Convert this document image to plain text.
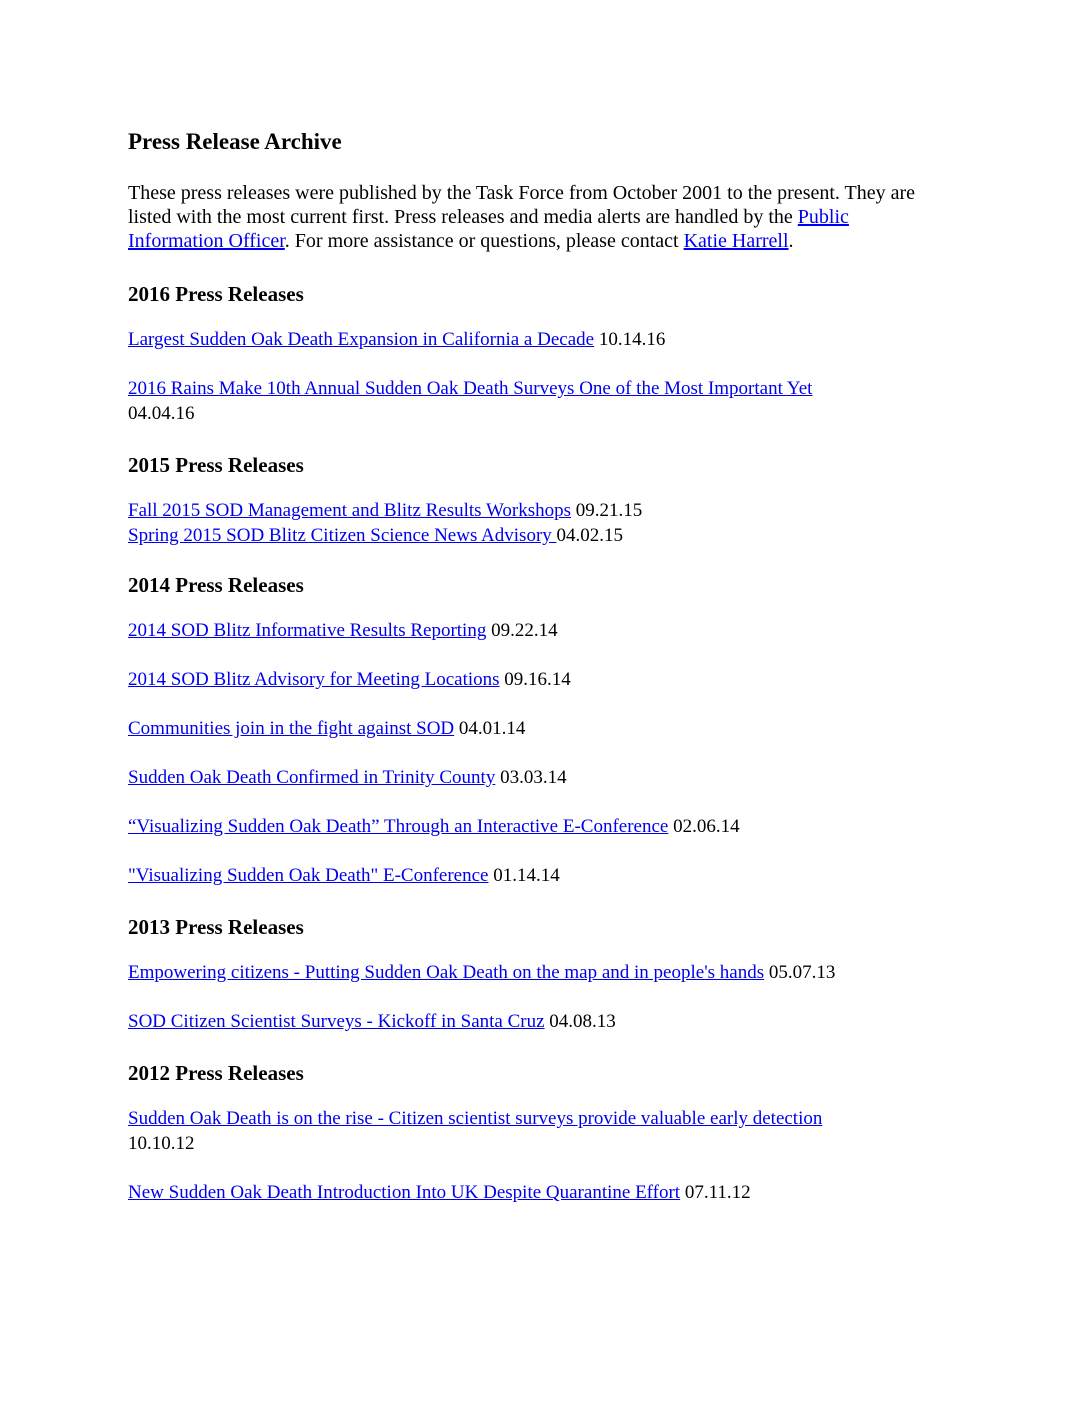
Press Release Archive

These press releases were published by the Task Force from October 2001 to the present. They are listed with the most current first. Press releases and media alerts are handled by the Public Information Officer. For more assistance or questions, please contact Katie Harrell.

2016 Press Releases

Largest Sudden Oak Death Expansion in California a Decade 10.14.16

2016 Rains Make 10th Annual Sudden Oak Death Surveys One of the Most Important Yet
04.04.16

2015 Press Releases

Fall 2015 SOD Management and Blitz Results Workshops 09.21.15

Spring 2015 SOD Blitz Citizen Science News Advisory 04.02.15

2014 Press Releases

2014 SOD Blitz Informative Results Reporting 09.22.14

2014 SOD Blitz Advisory for Meeting Locations 09.16.14

Communities join in the fight against SOD 04.01.14

Sudden Oak Death Confirmed in Trinity County 03.03.14

“Visualizing Sudden Oak Death” Through an Interactive E-Conference 02.06.14

"Visualizing Sudden Oak Death" E-Conference 01.14.14

2013 Press Releases

Empowering citizens - Putting Sudden Oak Death on the map and in people's hands 05.07.13

SOD Citizen Scientist Surveys - Kickoff in Santa Cruz 04.08.13

2012 Press Releases

Sudden Oak Death is on the rise - Citizen scientist surveys provide valuable early detection
10.10.12

New Sudden Oak Death Introduction Into UK Despite Quarantine Effort 07.11.12
